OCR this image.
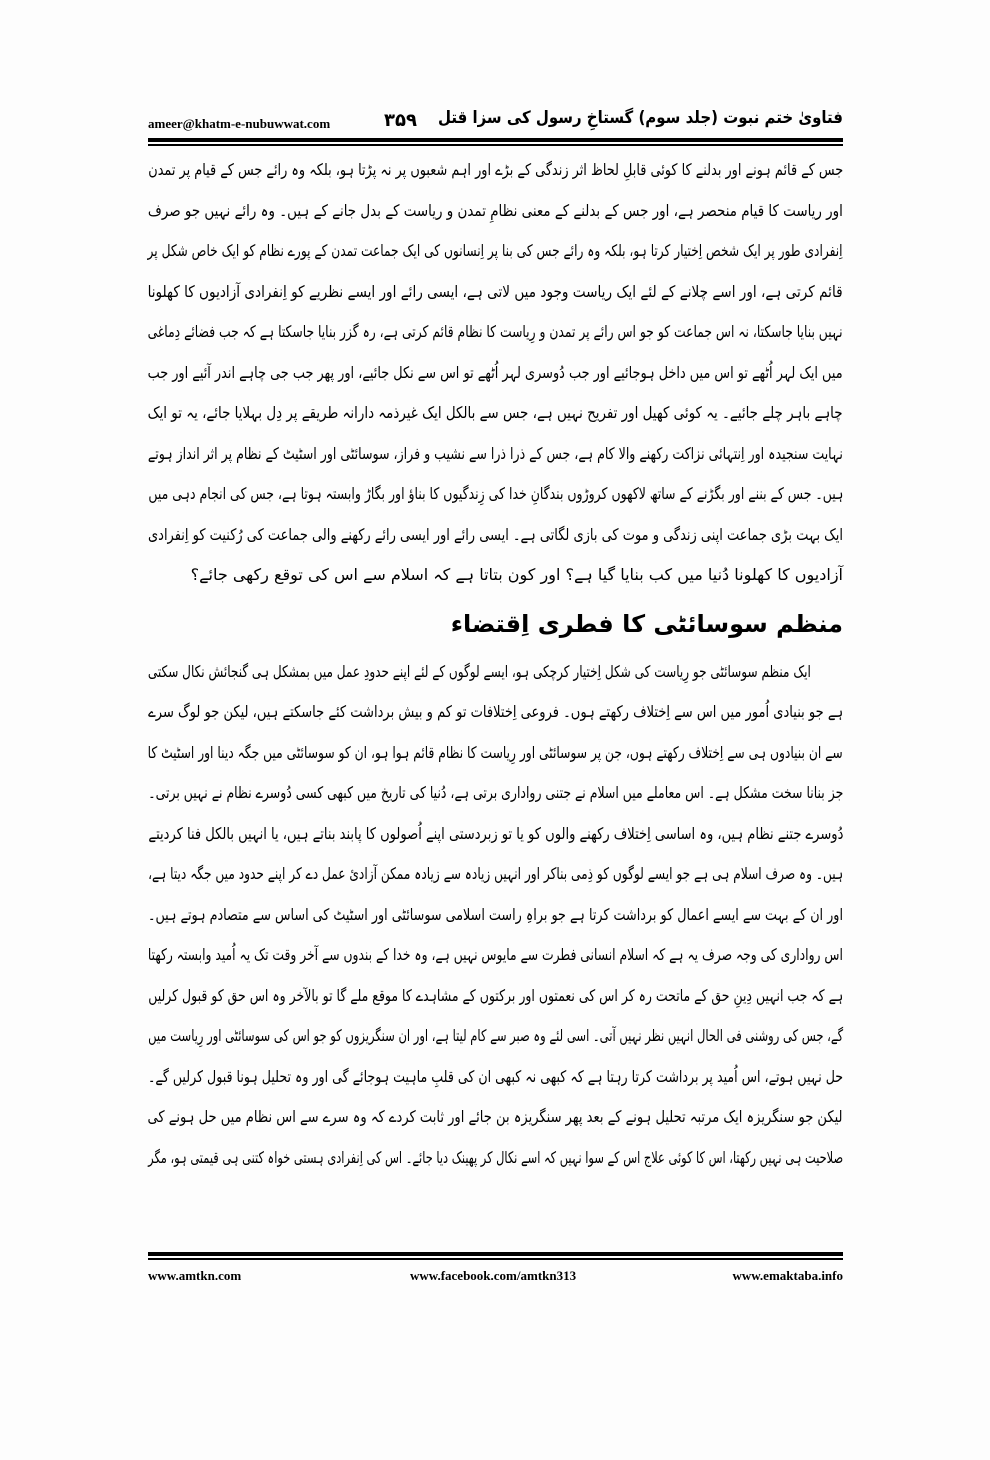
ameer@khatm-e-nubuwwat.com	۳۵۹ فتاویٰ ختم نبوت (جلد سوم) گستاخِ رسول کی سزا قتل
جس کے قائم ہونے اور بدلنے کا کوئی قابلِ لحاظ اثر زندگی کے بڑے اور اہم شعبوں پر نہ پڑتا ہو، بلکہ وہ رائے جس کے قیام پر تمدن
اور ریاست کا قیام منحصر ہے، اور جس کے بدلنے کے معنی نظامِ تمدن و ریاست کے بدل جانے کے ہیں۔ وہ رائے نہیں جو صرف
اِنفرادی طور پر ایک شخص اِختیار کرتا ہو، بلکہ وہ رائے جس کی بنا پر اِنسانوں کی ایک جماعت تمدن کے پورے نظام کو ایک خاص شکل پر
قائم کرتی ہے، اور اسے چلانے کے لئے ایک ریاست وجود میں لاتی ہے، ایسی رائے اور ایسے نظریے کو اِنفرادی آزادیوں کا کھلونا
نہیں بنایا جاسکتا، نہ اس جماعت کو جو اس رائے پر تمدن و رِیاست کا نظام قائم کرتی ہے، رہ گزر بنایا جاسکتا ہے کہ جب فضائے دِماغی
میں ایک لہر اُٹھے تو اس میں داخل ہوجائیے اور جب دُوسری لہر اُٹھے تو اس سے نکل جائیے، اور پھر جب جی چاہے اندر آئیے اور جب
چاہے باہر چلے جائیے۔ یہ کوئی کھیل اور تفریح نہیں ہے، جس سے بالکل ایک غیرذمہ دارانہ طریقے پر دِل بہلایا جائے، یہ تو ایک
نہایت سنجیدہ اور اِنتہائی نزاکت رکھنے والا کام ہے، جس کے ذرا ذرا سے نشیب و فراز، سوسائٹی اور اسٹیٹ کے نظام پر اثر انداز ہوتے
ہیں۔ جس کے بننے اور بگڑنے کے ساتھ لاکھوں کروڑوں بندگانِ خدا کی زِندگیوں کا بناؤ اور بگاڑ وابستہ ہوتا ہے، جس کی انجام دہی میں
ایک بہت بڑی جماعت اپنی زندگی و موت کی بازی لگاتی ہے۔ ایسی رائے اور ایسی رائے رکھنے والی جماعت کی رُکنیت کو اِنفرادی
آزادیوں کا کھلونا دُنیا میں کب بنایا گیا ہے؟ اور کون بتاتا ہے کہ اسلام سے اس کی توقع رکھی جائے؟
منظم سوسائٹی کا فطری اِقتضاء
ایک منظم سوسائٹی جو رِیاست کی شکل اِختیار کرچکی ہو، ایسے لوگوں کے لئے اپنے حدودِ عمل میں بمشکل ہی گنجائش نکال سکتی
ہے جو بنیادی اُمور میں اس سے اِختلاف رکھتے ہوں۔ فروعی اِختلافات تو کم و بیش برداشت کئے جاسکتے ہیں، لیکن جو لوگ سرے
سے ان بنیادوں ہی سے اِختلاف رکھتے ہوں، جن پر سوسائٹی اور رِیاست کا نظام قائم ہوا ہو، ان کو سوسائٹی میں جگہ دینا اور اسٹیٹ کا
جز بنانا سخت مشکل ہے۔ اس معاملے میں اسلام نے جتنی رواداری برتی ہے، دُنیا کی تاریخ میں کبھی کسی دُوسرے نظام نے نہیں برتی۔
دُوسرے جتنے نظام ہیں، وہ اساسی اِختلاف رکھنے والوں کو یا تو زبردستی اپنے اُصولوں کا پابند بناتے ہیں، یا انہیں بالکل فنا کردیتے
ہیں۔ وہ صرف اسلام ہی ہے جو ایسے لوگوں کو ذِمی بناکر اور انہیں زیادہ سے زیادہ ممکن آزادیٔ عمل دے کر اپنے حدود میں جگہ دیتا ہے،
اور ان کے بہت سے ایسے اعمال کو برداشت کرتا ہے جو براہِ راست اسلامی سوسائٹی اور اسٹیٹ کی اساس سے متصادم ہوتے ہیں۔
اس رواداری کی وجہ صرف یہ ہے کہ اسلام انسانی فطرت سے مایوس نہیں ہے، وہ خدا کے بندوں سے آخر وقت تک یہ اُمید وابستہ رکھتا
ہے کہ جب انہیں دِینِ حق کے ماتحت رہ کر اس کی نعمتوں اور برکتوں کے مشاہدے کا موقع ملے گا تو بالآخر وہ اس حق کو قبول کرلیں
گے، جس کی روشنی فی الحال انہیں نظر نہیں آتی۔ اسی لئے وہ صبر سے کام لیتا ہے، اور ان سنگریزوں کو جو اس کی سوسائٹی اور رِیاست میں
حل نہیں ہوتے، اس اُمید پر برداشت کرتا رہتا ہے کہ کبھی نہ کبھی ان کی قلبِ ماہیت ہوجائے گی اور وہ تحلیل ہونا قبول کرلیں گے۔
لیکن جو سنگریزہ ایک مرتبہ تحلیل ہونے کے بعد پھر سنگریزہ بن جائے اور ثابت کردے کہ وہ سرے سے اس نظام میں حل ہونے کی
صلاحیت ہی نہیں رکھتا، اس کا کوئی علاج اس کے سوا نہیں کہ اسے نکال کر پھینک دیا جائے۔ اس کی اِنفرادی ہستی خواہ کتنی ہی قیمتی ہو، مگر
www.amtkn.com	www.facebook.com/amtkn313	www.emaktaba.info
